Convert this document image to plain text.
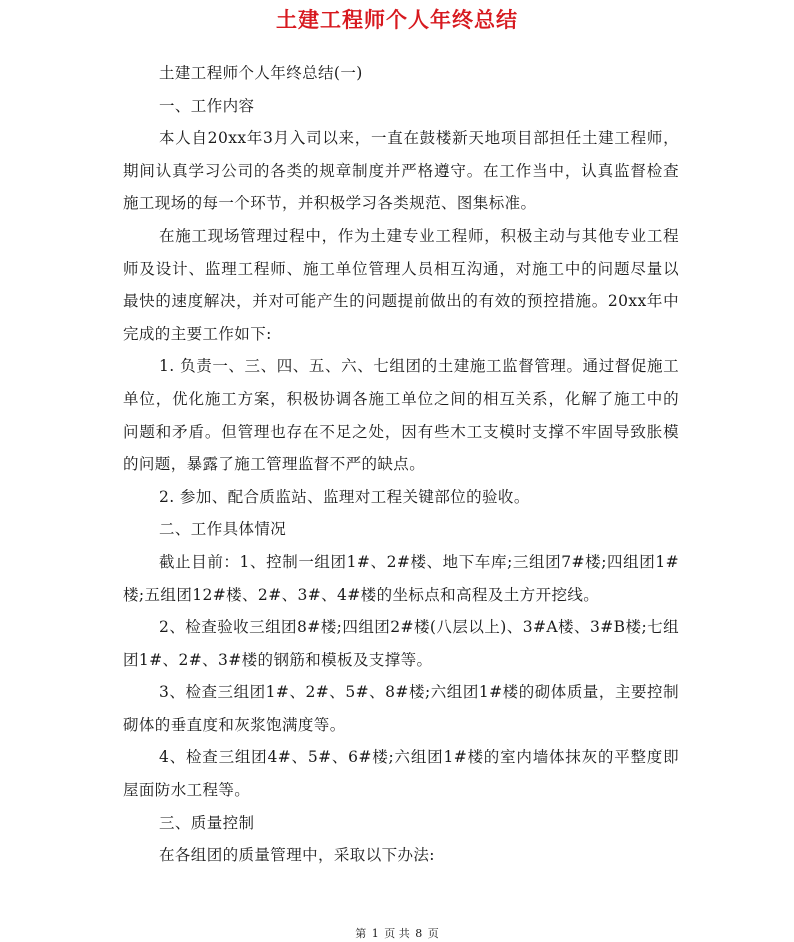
土建工程师个人年终总结

土建工程师个人年终总结(一)

一、工作内容

本人自20xx年3月入司以来，一直在鼓楼新天地项目部担任土建工程师，期间认真学习公司的各类的规章制度并严格遵守。在工作当中，认真监督检查施工现场的每一个环节，并积极学习各类规范、图集标准。

在施工现场管理过程中，作为土建专业工程师，积极主动与其他专业工程师及设计、监理工程师、施工单位管理人员相互沟通，对施工中的问题尽量以最快的速度解决，并对可能产生的问题提前做出的有效的预控措施。20xx年中完成的主要工作如下:

1. 负责一、三、四、五、六、七组团的土建施工监督管理。通过督促施工单位，优化施工方案，积极协调各施工单位之间的相互关系，化解了施工中的问题和矛盾。但管理也存在不足之处，因有些木工支模时支撑不牢固导致胀模的问题，暴露了施工管理监督不严的缺点。

2. 参加、配合质监站、监理对工程关键部位的验收。

二、工作具体情况

截止目前：1、控制一组团1#、2#楼、地下车库;三组团7#楼;四组团1#楼;五组团12#楼、2#、3#、4#楼的坐标点和高程及土方开挖线。

2、检查验收三组团8#楼;四组团2#楼(八层以上)、3#A楼、3#B楼;七组团1#、2#、3#楼的钢筋和模板及支撑等。

3、检查三组团1#、2#、5#、8#楼;六组团1#楼的砌体质量，主要控制砌体的垂直度和灰浆饱满度等。

4、检查三组团4#、5#、6#楼;六组团1#楼的室内墙体抹灰的平整度即屋面防水工程等。

三、质量控制

在各组团的质量管理中，采取以下办法:

第 1 页 共 8 页
